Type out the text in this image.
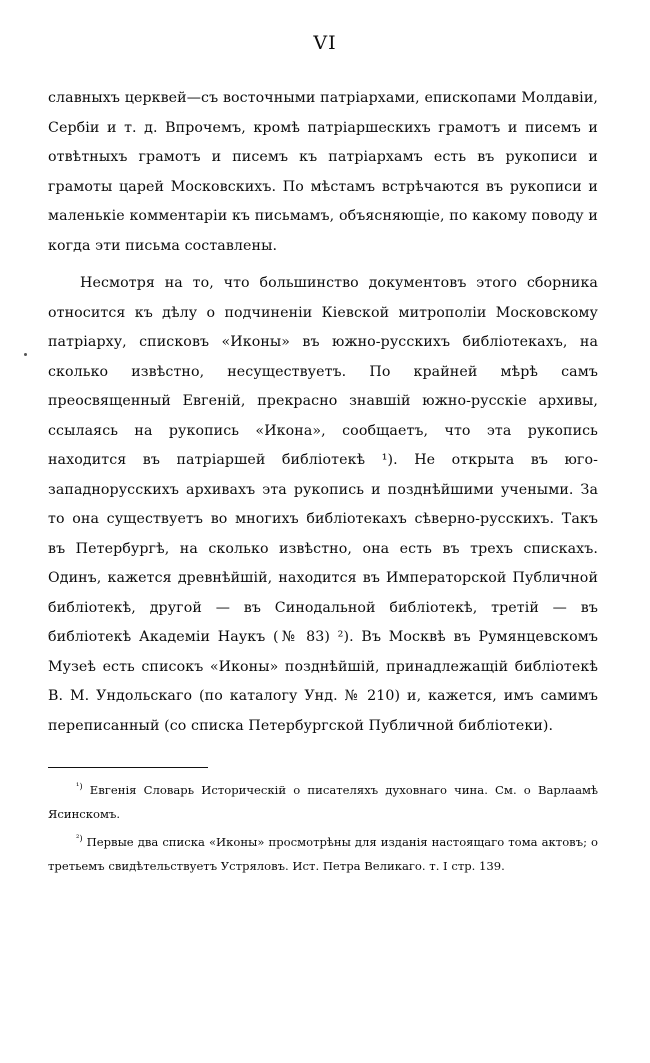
VI

славныхъ церквей—съ восточными патріархами, епископами Молдавіи, Сербіи и т. д. Впрочемъ, кромѣ патріаршескихъ грамотъ и писемъ и отвѣтныхъ грамотъ и писемъ къ патріархамъ есть въ рукописи и грамоты царей Московскихъ. По мѣстамъ встрѣчаются въ рукописи и маленькіе комментаріи къ письмамъ, объясняющіе, по какому поводу и когда эти письма составлены.

Несмотря на то, что большинство документовъ этого сборника относится къ дѣлу о подчиненіи Кіевской митрополіи Московскому патріарху, списковъ «Иконы» въ южно-русскихъ библіотекахъ, на сколько извѣстно, несуществуетъ. По крайней мѣрѣ самъ преосвященный Евгеній, прекрасно знавшій южно-русскіе архивы, ссылаясь на рукопись «Икона», сообщаетъ, что эта рукопись находится въ патріаршей библіотекѣ ¹). Не открыта въ юго-западнорусскихъ архивахъ эта рукопись и позднѣйшими учеными. За то она существуетъ во многихъ библіотекахъ сѣверно-русскихъ. Такъ въ Петербургѣ, на сколько извѣстно, она есть въ трехъ спискахъ. Одинъ, кажется древнѣйшій, находится въ Императорской Публичной библіотекѣ, другой — въ Синодальной библіотекѣ, третій — въ библіотекѣ Академіи Наукъ (№ 83) ²). Въ Москвѣ въ Румянцевскомъ Музеѣ есть списокъ «Иконы» позднѣйшій, принадлежащій библіотекѣ В. М. Ундольскаго (по каталогу Унд. № 210) и, кажется, имъ самимъ переписанный (со списка Петербургской Публичной библіотеки).

$^{^1)}$ Евгенія Словарь Историческій о писателяхъ духовнаго чина. См. о Варлаамѣ Ясинскомъ.

$^{^2)}$ Первые два списка «Иконы» просмотрѣны для изданія настоящаго тома актовъ; о третьемъ свидѣтельствуетъ Устряловъ. Ист. Петра Великаго. т. I стр. 139.
